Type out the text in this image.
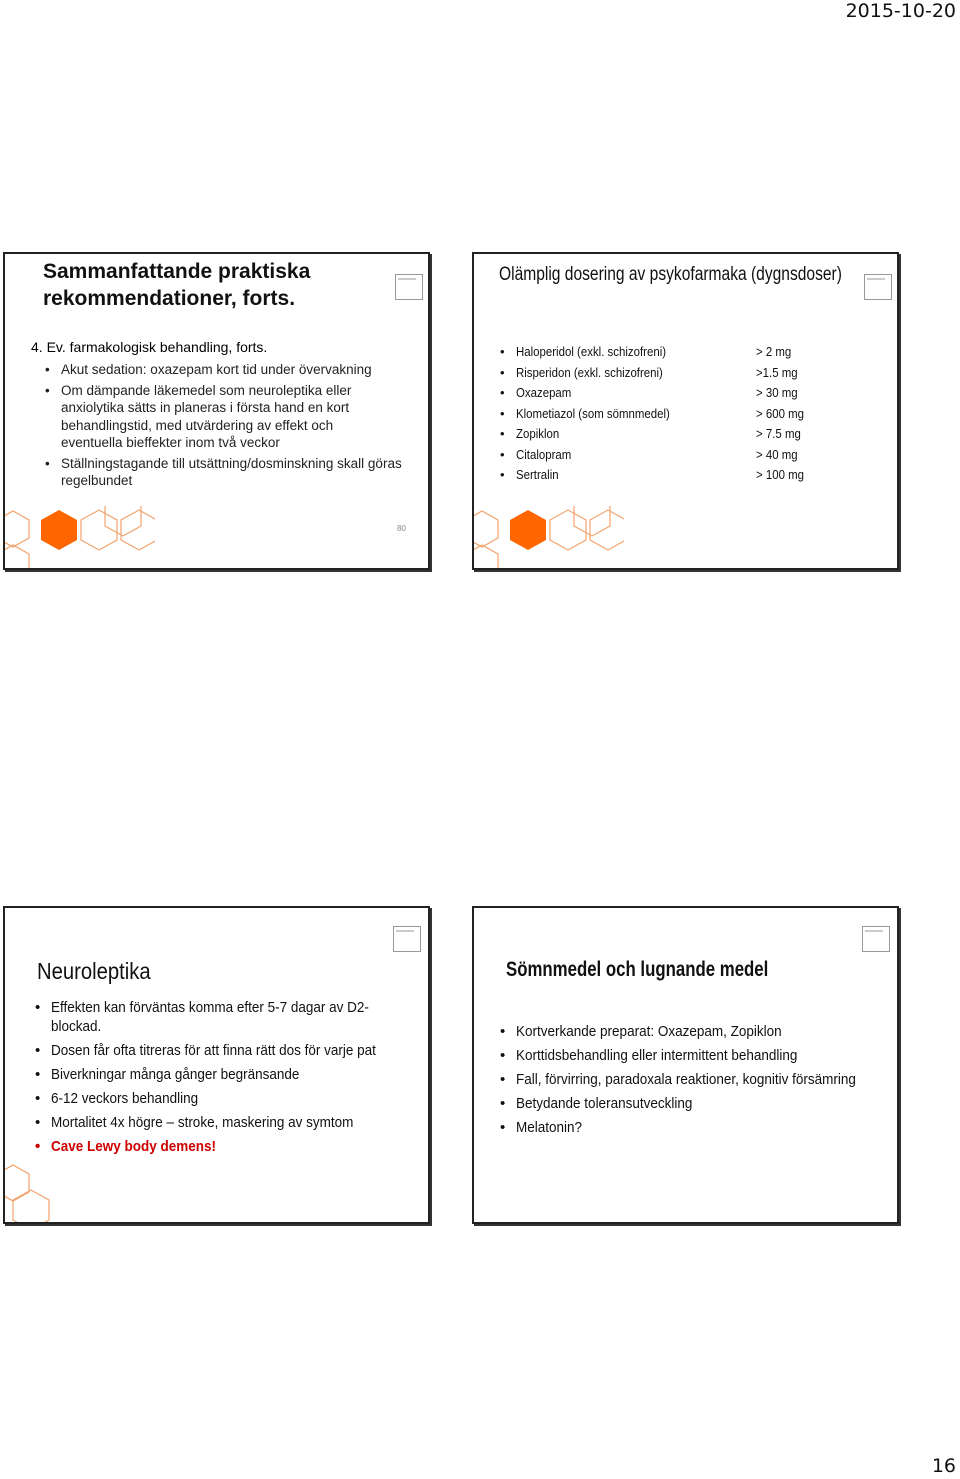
2015-10-20
Sammanfattande praktiska
rekommendationer, forts.
4. Ev. farmakologisk behandling, forts.
• Akut sedation: oxazepam kort tid under övervakning
• Om dämpande läkemedel som neuroleptika eller anxiolytika sätts in planeras i första hand en kort behandlingstid, med utvärdering av effekt och eventuella bieffekter inom två veckor
• Ställningstagande till utsättning/dosminskning skall göras regelbundet
80
Olämplig dosering av psykofarmaka (dygnsdoser)
• Haloperidol (exkl. schizofreni)	> 2 mg
• Risperidon (exkl. schizofreni)	>1.5 mg
• Oxazepam	> 30 mg
• Klometiazol (som sömnmedel)	> 600 mg
• Zopiklon	> 7.5 mg
• Citalopram	> 40 mg
• Sertralin	> 100 mg
Neuroleptika
• Effekten kan förväntas komma efter 5-7 dagar av D2-blockad.
• Dosen får ofta titreras för att finna rätt dos för varje pat
• Biverkningar många gånger begränsande
• 6-12 veckors behandling
• Mortalitet 4x högre – stroke, maskering av symtom
• Cave Lewy body demens!
Sömnmedel och lugnande medel
• Kortverkande preparat: Oxazepam, Zopiklon
• Korttidsbehandling eller intermittent behandling
• Fall, förvirring, paradoxala reaktioner, kognitiv försämring
• Betydande toleransutveckling
• Melatonin?
16
